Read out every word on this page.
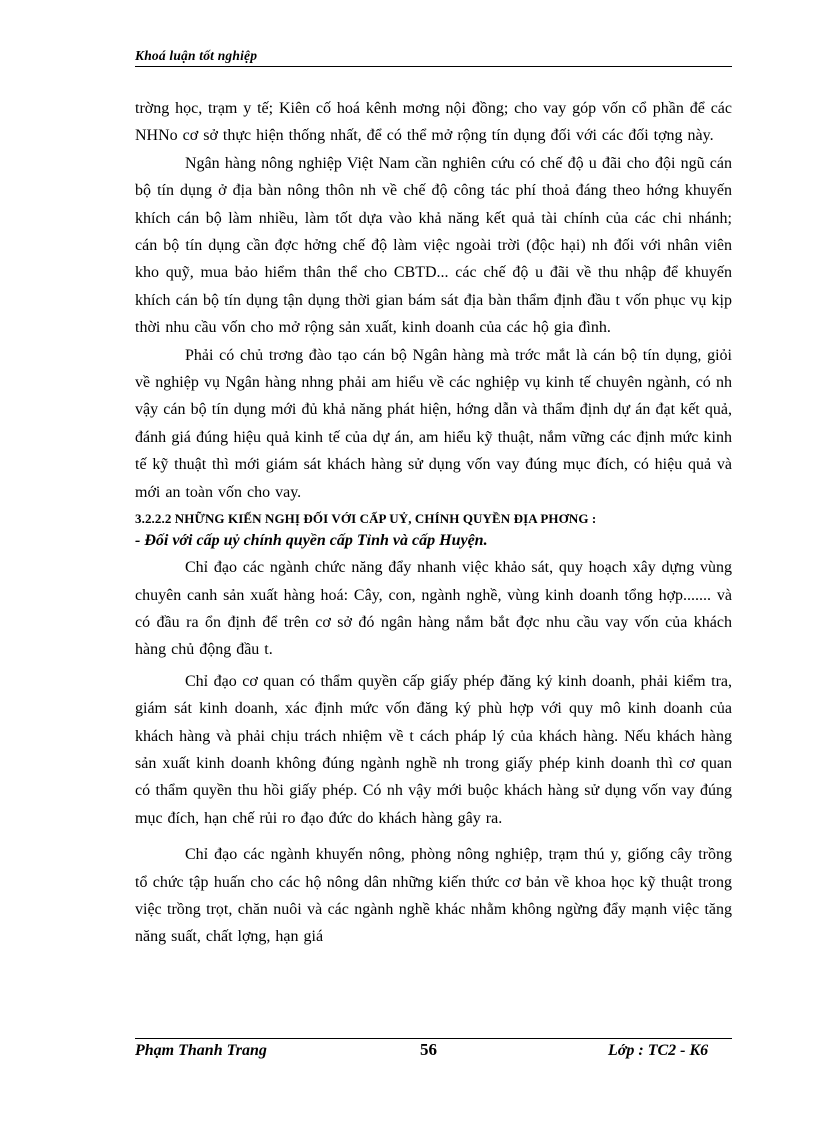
Khoá luận tốt nghiệp

trờng học, trạm y tế; Kiên cố hoá kênh mơng nội đồng; cho vay góp vốn cổ phần để các NHNo cơ sở thực hiện thống nhất, để có thể mở rộng tín dụng đối với các đối tợng này.

Ngân hàng nông nghiệp Việt Nam cần nghiên cứu có chế độ u đãi cho đội ngũ cán bộ tín dụng ở địa bàn nông thôn nh về chế độ công tác phí thoả đáng theo hớng khuyến khích cán bộ làm nhiều, làm tốt dựa vào khả năng kết quả tài chính của các chi nhánh; cán bộ tín dụng cần đợc hởng chế độ làm việc ngoài trời (độc hại) nh đối với nhân viên kho quỹ, mua bảo hiểm thân thể cho CBTD... các chế độ u đãi về thu nhập để khuyến khích cán bộ tín dụng tận dụng thời gian bám sát địa bàn thẩm định đầu t vốn phục vụ kịp thời nhu cầu vốn cho mở rộng sản xuất, kinh doanh của các hộ gia đình.

Phải có chủ trơng đào tạo cán bộ Ngân hàng mà trớc mắt là cán bộ tín dụng, giỏi về nghiệp vụ Ngân hàng nhng phải am hiểu về các nghiệp vụ kinh tế chuyên ngành, có nh vậy cán bộ tín dụng mới đủ khả năng phát hiện, hớng dẫn và thẩm định dự án đạt kết quả, đánh giá đúng hiệu quả kinh tế của dự án, am hiểu kỹ thuật, nắm vững các định mức kinh tế kỹ thuật thì mới giám sát khách hàng sử dụng vốn vay đúng mục đích, có hiệu quả và mới an toàn vốn cho vay.

3.2.2.2 NHỮNG KIẾN NGHỊ ĐỐI VỚI CẤP UỶ, CHÍNH QUYỀN ĐỊA PHƠNG :
- Đối với cấp uỷ chính quyền cấp Tỉnh và cấp Huyện.

Chỉ đạo các ngành chức năng đẩy nhanh việc khảo sát, quy hoạch xây dựng vùng chuyên canh sản xuất hàng hoá: Cây, con, ngành nghề, vùng kinh doanh tổng hợp....... và có đầu ra ổn định để trên cơ sở đó ngân hàng nắm bắt đợc nhu cầu vay vốn của khách hàng chủ động đầu t.

Chỉ đạo cơ quan có thẩm quyền cấp giấy phép đăng ký kinh doanh, phải kiểm tra, giám sát kinh doanh, xác định mức vốn đăng ký phù hợp với quy mô kinh doanh của khách hàng và phải chịu trách nhiệm về t cách pháp lý của khách hàng. Nếu khách hàng sản xuất kinh doanh không đúng ngành nghề nh trong giấy phép kinh doanh thì cơ quan có thẩm quyền thu hồi giấy phép. Có nh vậy mới buộc khách hàng sử dụng vốn vay đúng mục đích, hạn chế rủi ro đạo đức do khách hàng gây ra.

Chỉ đạo các ngành khuyến nông, phòng nông nghiệp, trạm thú y, giống cây trồng tổ chức tập huấn cho các hộ nông dân những kiến thức cơ bản về khoa học kỹ thuật trong việc trồng trọt, chăn nuôi và các ngành nghề khác nhằm không ngừng đẩy mạnh việc tăng năng suất, chất lợng, hạn giá

Phạm Thanh Trang	56	Lớp : TC2 - K6
